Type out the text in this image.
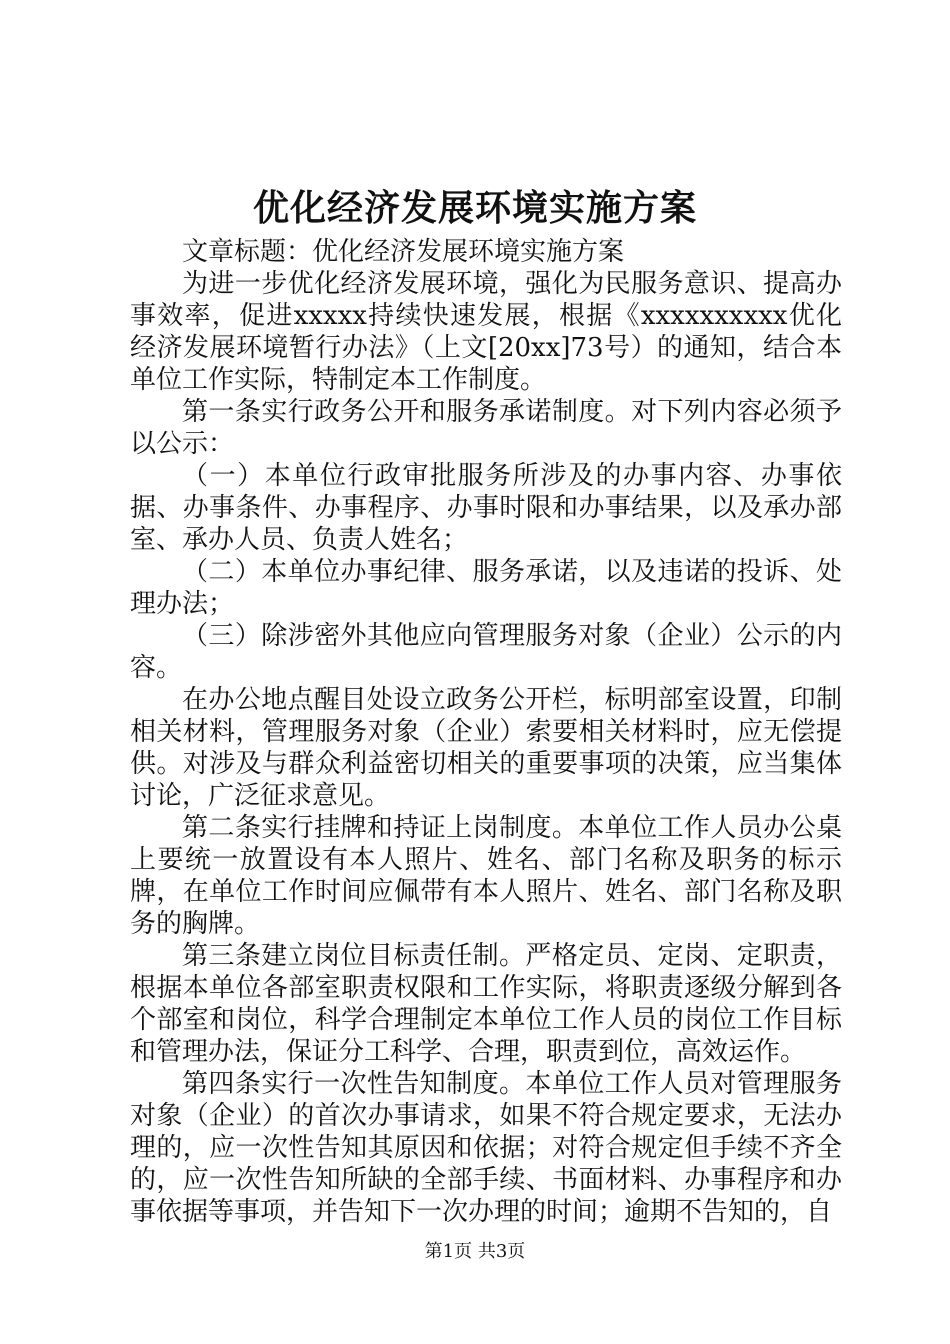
优化经济发展环境实施方案

文章标题：优化经济发展环境实施方案

为进一步优化经济发展环境，强化为民服务意识、提高办事效率，促进xxxxx持续快速发展，根据《xxxxxxxxxx优化经济发展环境暂行办法》（上文[20xx]73号）的通知，结合本单位工作实际，特制定本工作制度。

第一条实行政务公开和服务承诺制度。对下列内容必须予以公示：

（一）本单位行政审批服务所涉及的办事内容、办事依据、办事条件、办事程序、办事时限和办事结果，以及承办部室、承办人员、负责人姓名；

（二）本单位办事纪律、服务承诺，以及违诺的投诉、处理办法；

（三）除涉密外其他应向管理服务对象（企业）公示的内容。

在办公地点醒目处设立政务公开栏，标明部室设置，印制相关材料，管理服务对象（企业）索要相关材料时，应无偿提供。对涉及与群众利益密切相关的重要事项的决策，应当集体讨论，广泛征求意见。

第二条实行挂牌和持证上岗制度。本单位工作人员办公桌上要统一放置设有本人照片、姓名、部门名称及职务的标示牌，在单位工作时间应佩带有本人照片、姓名、部门名称及职务的胸牌。

第三条建立岗位目标责任制。严格定员、定岗、定职责，根据本单位各部室职责权限和工作实际，将职责逐级分解到各个部室和岗位，科学合理制定本单位工作人员的岗位工作目标和管理办法，保证分工科学、合理，职责到位，高效运作。

第四条实行一次性告知制度。本单位工作人员对管理服务对象（企业）的首次办事请求，如果不符合规定要求，无法办理的，应一次性告知其原因和依据；对符合规定但手续不齐全的，应一次性告知所缺的全部手续、书面材料、办事程序和办事依据等事项，并告知下一次办理的时间；逾期不告知的，自

第1页 共3页
